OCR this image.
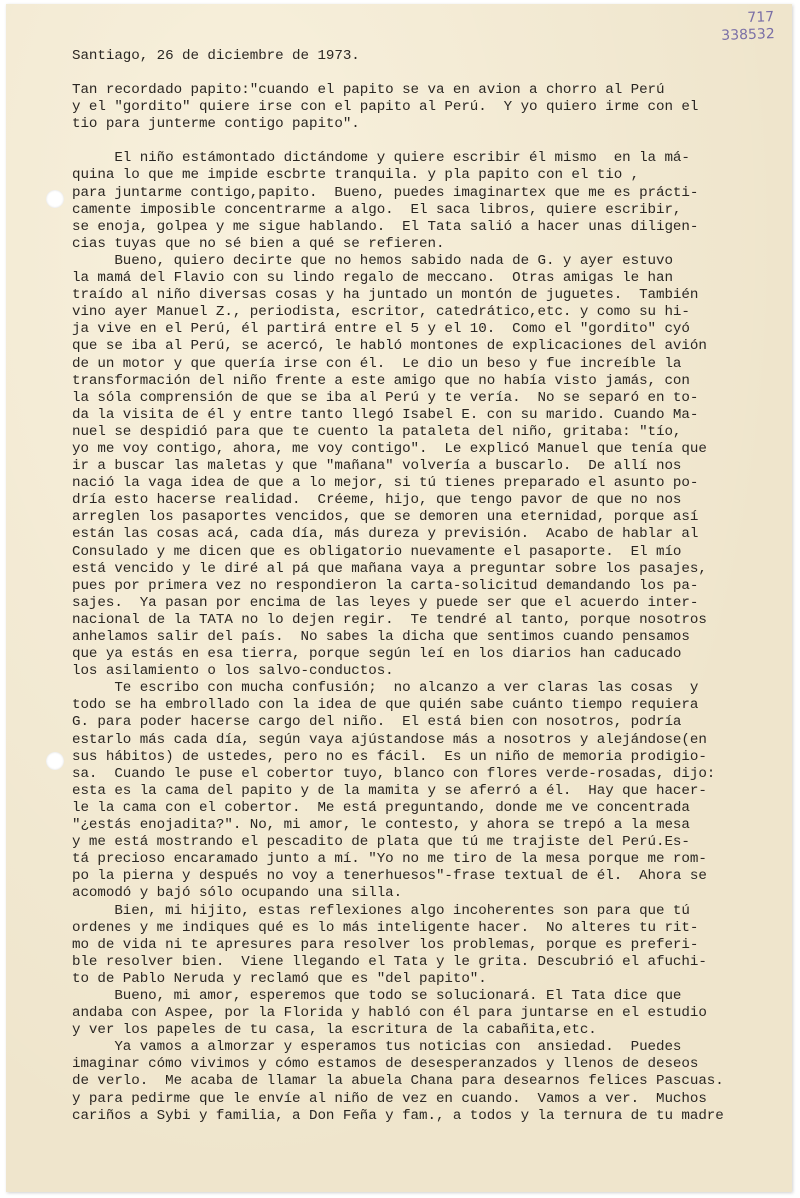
717
338532

Santiago, 26 de diciembre de 1973.

Tan recordado papito:"cuando el papito se va en avion a chorro al Perú

y el "gordito" quiere irse con el papito al Perú.  Y yo quiero irme con el

tio para junterme contigo papito".

El niño estámontado dictándome y quiere escribir él mismo  en la má-

quina lo que me impide escbrte tranquila. y pla papito con el tio ,

para juntarme contigo,papito.  Bueno, puedes imaginartex que me es prácti-

camente imposible concentrarme a algo.  El saca libros, quiere escribir,

se enoja, golpea y me sigue hablando.  El Tata salió a hacer unas diligen-

cias tuyas que no sé bien a qué se refieren.

Bueno, quiero decirte que no hemos sabido nada de G. y ayer estuvo

la mamá del Flavio con su lindo regalo de meccano.  Otras amigas le han

traído al niño diversas cosas y ha juntado un montón de juguetes.  También

vino ayer Manuel Z., periodista, escritor, catedrático,etc. y como su hi-

ja vive en el Perú, él partirá entre el 5 y el 10.  Como el "gordito" cyó

que se iba al Perú, se acercó, le habló montones de explicaciones del avión

de un motor y que quería irse con él.  Le dio un beso y fue increíble la

transformación del niño frente a este amigo que no había visto jamás, con

la sóla comprensión de que se iba al Perú y te vería.  No se separó en to-

da la visita de él y entre tanto llegó Isabel E. con su marido. Cuando Ma-

nuel se despidió para que te cuento la pataleta del niño, gritaba: "tío,

yo me voy contigo, ahora, me voy contigo".  Le explicó Manuel que tenía que

ir a buscar las maletas y que "mañana" volvería a buscarlo.  De allí nos

nació la vaga idea de que a lo mejor, si tú tienes preparado el asunto po-

dría esto hacerse realidad.  Créeme, hijo, que tengo pavor de que no nos

arreglen los pasaportes vencidos, que se demoren una eternidad, porque así

están las cosas acá, cada día, más dureza y previsión.  Acabo de hablar al

Consulado y me dicen que es obligatorio nuevamente el pasaporte.  El mío

está vencido y le diré al pá que mañana vaya a preguntar sobre los pasajes,

pues por primera vez no respondieron la carta-solicitud demandando los pa-

sajes.  Ya pasan por encima de las leyes y puede ser que el acuerdo inter-

nacional de la TATA no lo dejen regir.  Te tendré al tanto, porque nosotros

anhelamos salir del país.  No sabes la dicha que sentimos cuando pensamos

que ya estás en esa tierra, porque según leí en los diarios han caducado

los asilamiento o los salvo-conductos.

Te escribo con mucha confusión;  no alcanzo a ver claras las cosas  y

todo se ha embrollado con la idea de que quién sabe cuánto tiempo requiera

G. para poder hacerse cargo del niño.  El está bien con nosotros, podría

estarlo más cada día, según vaya ajústandose más a nosotros y alejándose(en

sus hábitos) de ustedes, pero no es fácil.  Es un niño de memoria prodigio-

sa.  Cuando le puse el cobertor tuyo, blanco con flores verde-rosadas, dijo:

esta es la cama del papito y de la mamita y se aferró a él.  Hay que hacer-

le la cama con el cobertor.  Me está preguntando, donde me ve concentrada

"¿estás enojadita?". No, mi amor, le contesto, y ahora se trepó a la mesa

y me está mostrando el pescadito de plata que tú me trajiste del Perú.Es-

tá precioso encaramado junto a mí. "Yo no me tiro de la mesa porque me rom-

po la pierna y después no voy a tenerhuesos"-frase textual de él.  Ahora se

acomodó y bajó sólo ocupando una silla.

Bien, mi hijito, estas reflexiones algo incoherentes son para que tú

ordenes y me indiques qué es lo más inteligente hacer.  No alteres tu rit-

mo de vida ni te apresures para resolver los problemas, porque es preferi-

ble resolver bien.  Viene llegando el Tata y le grita. Descubrió el afuchi-

to de Pablo Neruda y reclamó que es "del papito".

Bueno, mi amor, esperemos que todo se solucionará. El Tata dice que

andaba con Aspee, por la Florida y habló con él para juntarse en el estudio

y ver los papeles de tu casa, la escritura de la cabañita,etc.

Ya vamos a almorzar y esperamos tus noticias con  ansiedad.  Puedes

imaginar cómo vivimos y cómo estamos de desesperanzados y llenos de deseos

de verlo.  Me acaba de llamar la abuela Chana para desearnos felices Pascuas.

y para pedirme que le envíe al niño de vez en cuando.  Vamos a ver.  Muchos

cariños a Sybi y familia, a Don Feña y fam., a todos y la ternura de tu madre
